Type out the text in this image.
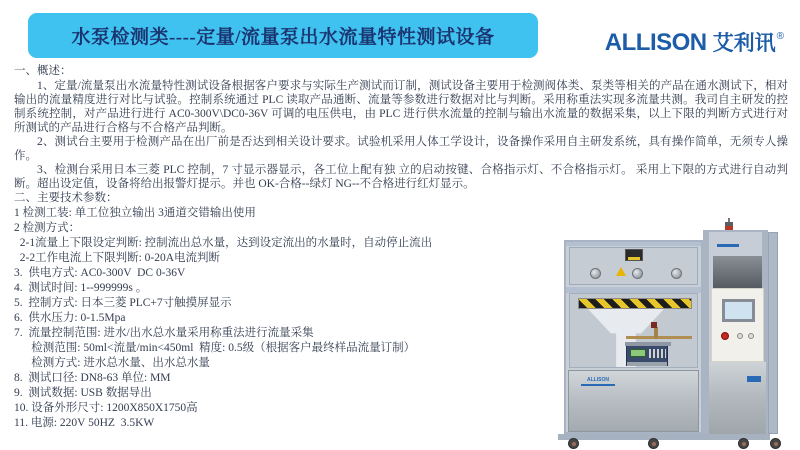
水泵检测类----定量/流量泵出水流量特性测试设备	ALLISON 艾利讯®
一、概述：

1、定量/流量泵出水流量特性测试设备根据客户要求与实际生产测试而订制，测试设备主要用于检测阀体类、泵类等相关的产品在通水测试下，相对输出的流量精度进行对比与试验。控制系统通过 PLC 读取产品通断、流量等参数进行数据对比与判断。采用称重法实现多流量共测。我司自主研发的控制系统控制，对产品进行进行 AC0-300V\DC0-36V 可调的电压供电，由 PLC 进行供水流量的控制与输出水流量的数据采集，以上下限的判断方式进行对所测试的产品进行合格与不合格产品判断。

2、测试台主要用于检测产品在出厂前是否达到相关设计要求。试验机采用人体工学设计，设备操作采用自主研发系统，具有操作简单，无须专人操作。

3、检测台采用日本三菱 PLC 控制，7 寸显示器显示，各工位上配有独 立的启动按键、合格指示灯、不合格指示灯。 采用上下限的方式进行自动判断。超出设定值，设备将给出报警灯提示。并也 OK-合格--绿灯 NG--不合格进行红灯显示。

二、主要技术参数：
1 检测工装: 单工位独立输出 3通道交错输出使用
2 检测方式：
2-1流量上下限设定判断: 控制流出总水量，达到设定流出的水量时，自动停止流出
2-2工作电流上下限判断: 0-20A电流判断
3.  供电方式: AC0-300V  DC 0-36V
4.  测试时间: 1--999999s 。
5.  控制方式: 日本三菱 PLC+7寸触摸屏显示
6.  供水压力: 0-1.5Mpa
7.  流量控制范围: 进水/出水总水量采用称重法进行流量采集
检测范围: 50ml<流量/min<450ml  精度: 0.5级（根据客户最终样品流量订制）
检测方式: 进水总水量、出水总水量
8.  测试口径: DN8-63 单位: MM
9.  测试数据: USB 数据导出
10. 设备外形尺寸: 1200X850X1750高
11. 电源: 220V 50HZ  3.5KW
ALLISON
